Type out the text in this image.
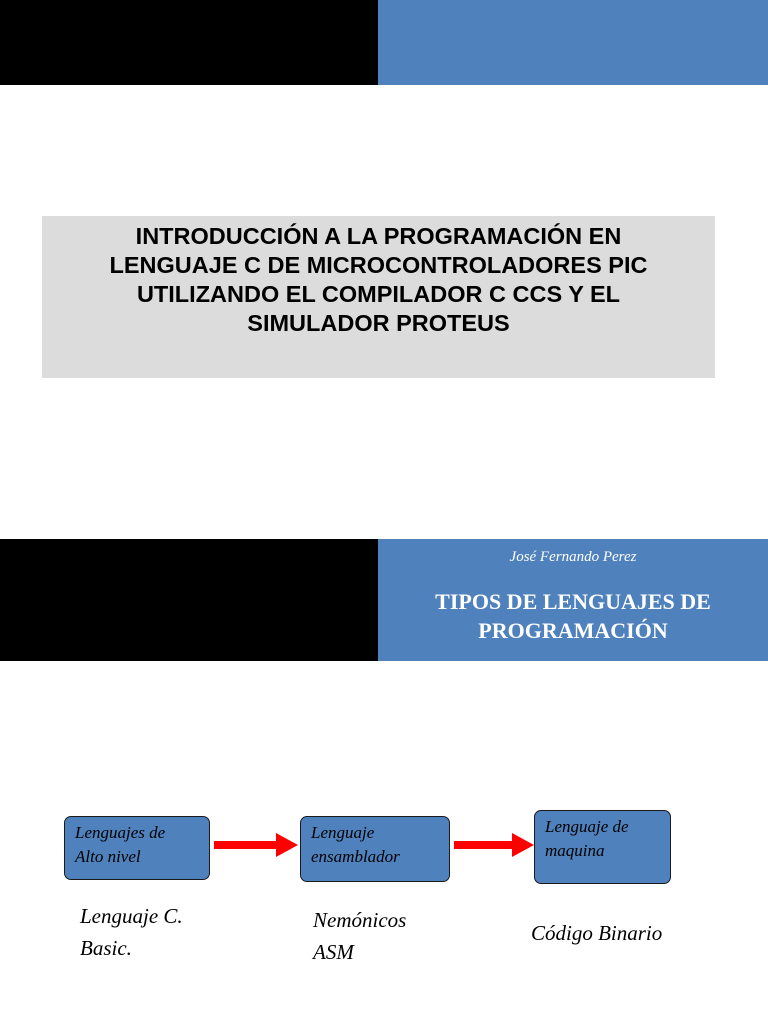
INTRODUCCIÓN A LA PROGRAMACIÓN EN
LENGUAJE C DE MICROCONTROLADORES PIC
UTILIZANDO EL COMPILADOR C CCS Y EL
SIMULADOR PROTEUS
José Fernando Perez
TIPOS DE LENGUAJES DE
PROGRAMACIÓN
Lenguajes de
Alto nivel
Lenguaje
ensamblador
Lenguaje de
maquina
Lenguaje C.
Basic.
Nemónicos
ASM
Código Binario
